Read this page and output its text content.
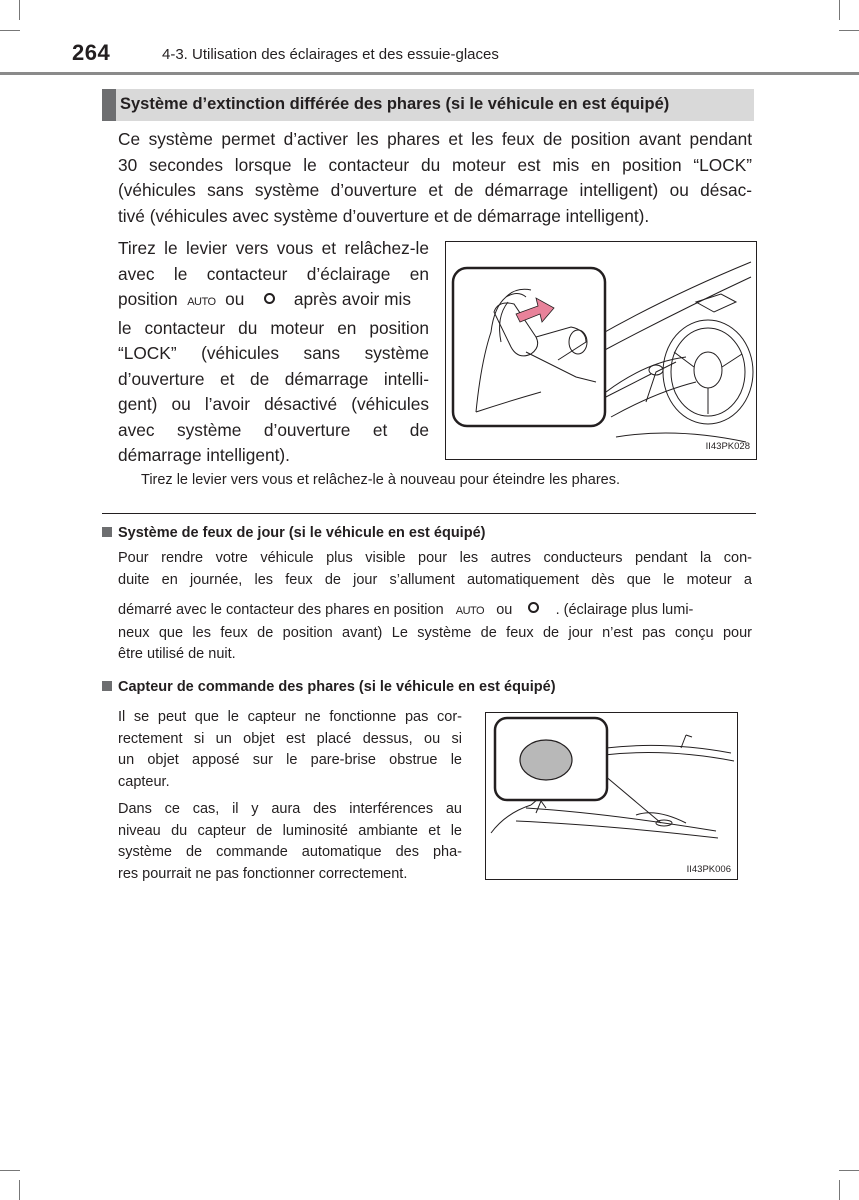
264	4-3. Utilisation des éclairages et des essuie-glaces
Système d’extinction différée des phares (si le véhicule en est équipé)
Ce système permet d’activer les phares et les feux de position avant pendant
30 secondes lorsque le contacteur du moteur est mis en position “LOCK”
(véhicules sans système d’ouverture et de démarrage intelligent) ou désac-
tivé (véhicules avec système d’ouverture et de démarrage intelligent).
Tirez le levier vers vous et relâchez-le
avec le contacteur d’éclairage en
position AUTO ou	après avoir mis
le contacteur du moteur en position
“LOCK” (véhicules sans système
d’ouverture et de démarrage intelli-
gent) ou l’avoir désactivé (véhicules
avec système d’ouverture et de
démarrage intelligent).	II43PK028
Tirez le levier vers vous et relâchez-le à nouveau pour éteindre les phares.
Système de feux de jour (si le véhicule en est équipé)
Pour rendre votre véhicule plus visible pour les autres conducteurs pendant la con-
duite en journée, les feux de jour s’allument automatiquement dès que le moteur a
démarré avec le contacteur des phares en position AUTO ou	. (éclairage plus lumi-
neux que les feux de position avant) Le système de feux de jour n’est pas conçu pour
être utilisé de nuit.
Capteur de commande des phares (si le véhicule en est équipé)
Il se peut que le capteur ne fonctionne pas cor-
rectement si un objet est placé dessus, ou si
un objet apposé sur le pare-brise obstrue le
capteur.
Dans ce cas, il y aura des interférences au
niveau du capteur de luminosité ambiante et le
système de commande automatique des pha-
res pourrait ne pas fonctionner correctement.	II43PK006
